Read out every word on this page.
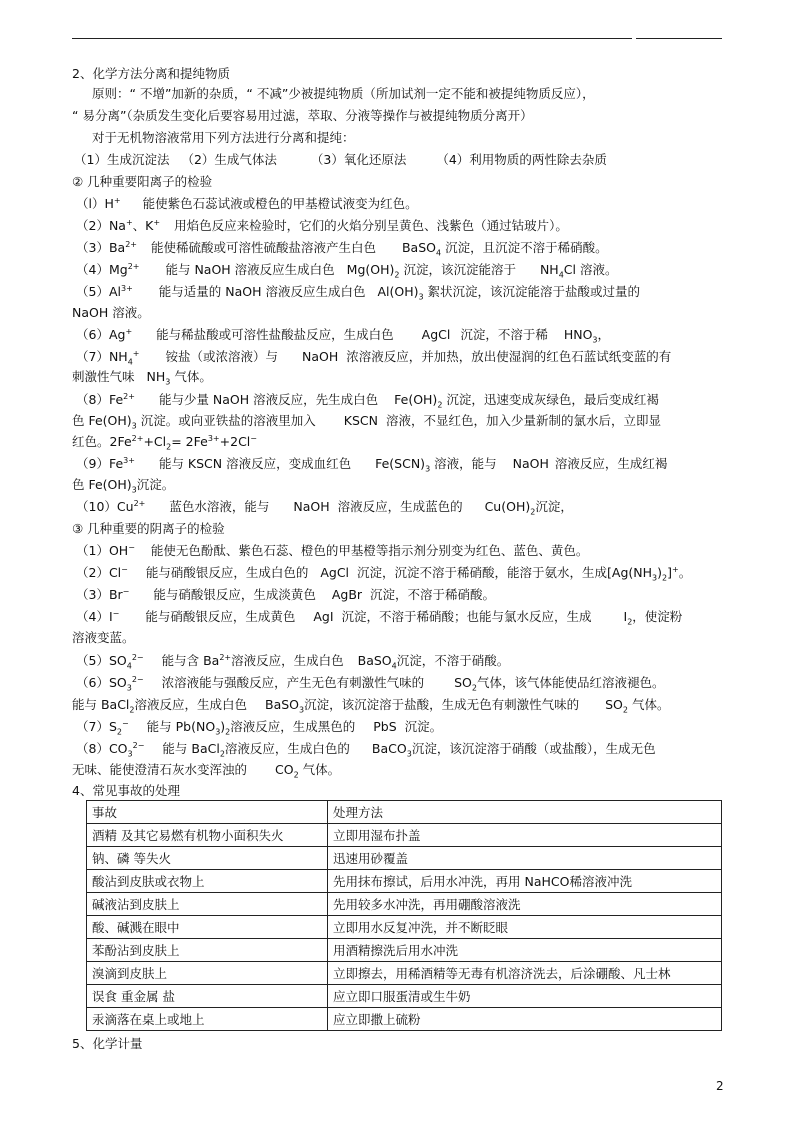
2、化学方法分离和提纯物质
原则：“ 不增”加新的杂质，“ 不减”少被提纯物质（所加试剂一定不能和被提纯物质反应），
“ 易分离”（杂质发生变化后要容易用过滤，萃取、分液等操作与被提纯物质分离开）
对于无机物溶液常用下列方法进行分离和提纯：
（1）生成沉淀法 （2）生成气体法	（3）氧化还原法 （4）利用物质的两性除去杂质
② 几种重要阳离子的检验
（l）H+ 能使紫色石蕊试液或橙色的甲基橙试液变为红色。
（2）Na+、K+ 用焰色反应来检验时，它们的火焰分别呈黄色、浅紫色（通过钴玻片）。
$(3)Ba^{2+}$ 能使稀硫酸或可溶性硫酸盐溶液产生白色 BaSO$_4$ 沉淀，且沉淀不溶于稀硝酸。
$(4)Mg^{2+}$ 能与 NaOH 溶液反应生成白色 $Mg(OH)_2$ 沉淀，该沉淀能溶于 $NH_4Cl$ 溶液。
$(5)Al^{3+}$ 能与适量的 NaOH 溶液反应生成白色 $Al(OH)_3$ 絮状沉淀，该沉淀能溶于盐酸或过量的
NaOH 溶液。
（6）Ag+ 能与稀盐酸或可溶性盐酸盐反应，生成白色 AgCl 沉淀，不溶于稀 $HNO_3$，
$(7)NH_4^+$ 铵盐（或浓溶液）与 NaOH 浓溶液反应，并加热，放出使湿润的红色石蓝试纸变蓝的有
刺激性气味 $NH_3$ 气体。
$(8)Fe^{2+}$ 能与少量 NaOH 溶液反应，先生成白色 $Fe(OH)_2$ 沉淀，迅速变成灰绿色，最后变成红褐
色 $Fe(OH)_3$ 沉淀。或向亚铁盐的溶液里加入 KSCN 溶液，不显红色，加入少量新制的氯水后，立即显
红色。$2Fe^{2+}+Cl_2= 2Fe^{3+}+2Cl^-$
$(9)Fe^{3+}$ 能与 KSCN 溶液反应，变成血红色 $Fe(SCN)_3$ 溶液，能与 NaOH 溶液反应，生成红褐
色 $Fe(OH)_3$沉淀。
$(10)Cu^{2+}$ 蓝色水溶液，能与 NaOH 溶液反应，生成蓝色的 $Cu(OH)_2$沉淀，
③ 几种重要的阴离子的检验
（1）OH− 能使无色酚酞、紫色石蕊、橙色的甲基橙等指示剂分别变为红色、蓝色、黄色。
（2）Cl− 能与硝酸银反应，生成白色的 AgCl 沉淀，沉淀不溶于稀硝酸，能溶于氨水，生成$[Ag(NH_3)_2]^+$。
（3）Br− 能与硝酸银反应，生成淡黄色 AgBr 沉淀，不溶于稀硝酸。
（4）I− 能与硝酸银反应，生成黄色 AgI 沉淀，不溶于稀硝酸；也能与氯水反应，生成	$I_2$，使淀粉
溶液变蓝。
$(5)SO_4^{2-}$ 能与含 $Ba^{2+}$溶液反应，生成白色 BaSO$_4$沉淀，不溶于硝酸。
$(6)SO_3^{2-}$ 浓溶液能与强酸反应，产生无色有刺激性气味的 $SO_2$气体，该气体能使品红溶液褪色。
能与 BaCl$_2$溶液反应，生成白色 BaSO$_3$沉淀，该沉淀溶于盐酸，生成无色有刺激性气味的 $SO_2$ 气体。
$(7)S_2^-$ 能与 $Pb(NO_3)_2$溶液反应，生成黑色的 PbS 沉淀。
$(8)CO_3^{2-}$ 能与 BaCl$_2$溶液反应，生成白色的 BaCO$_3$沉淀，该沉淀溶于硝酸（或盐酸），生成无色
无味、能使澄清石灰水变浑浊的 $CO_2$ 气体。
4、常见事故的处理
事故	处理方法
酒精 及其它易燃有机物小面积失火	立即用湿布扑盖
钠、磷 等失火	迅速用砂覆盖
酸沾到皮肤或衣物上	先用抹布擦试，后用水冲洗，再用 NaHCO稀溶液冲洗
碱液沾到皮肤上	先用较多水冲洗，再用硼酸溶液洗
酸、碱溅在眼中	立即用水反复冲洗，并不断眨眼
苯酚沾到皮肤上	用酒精擦洗后用水冲洗
溴滴到皮肤上	立即擦去，用稀酒精等无毒有机溶济洗去，后涂硼酸、凡士林
误食 重金属 盐	应立即口服蛋清或生牛奶
汞滴落在桌上或地上	应立即撒上硫粉
5、化学计量
2
